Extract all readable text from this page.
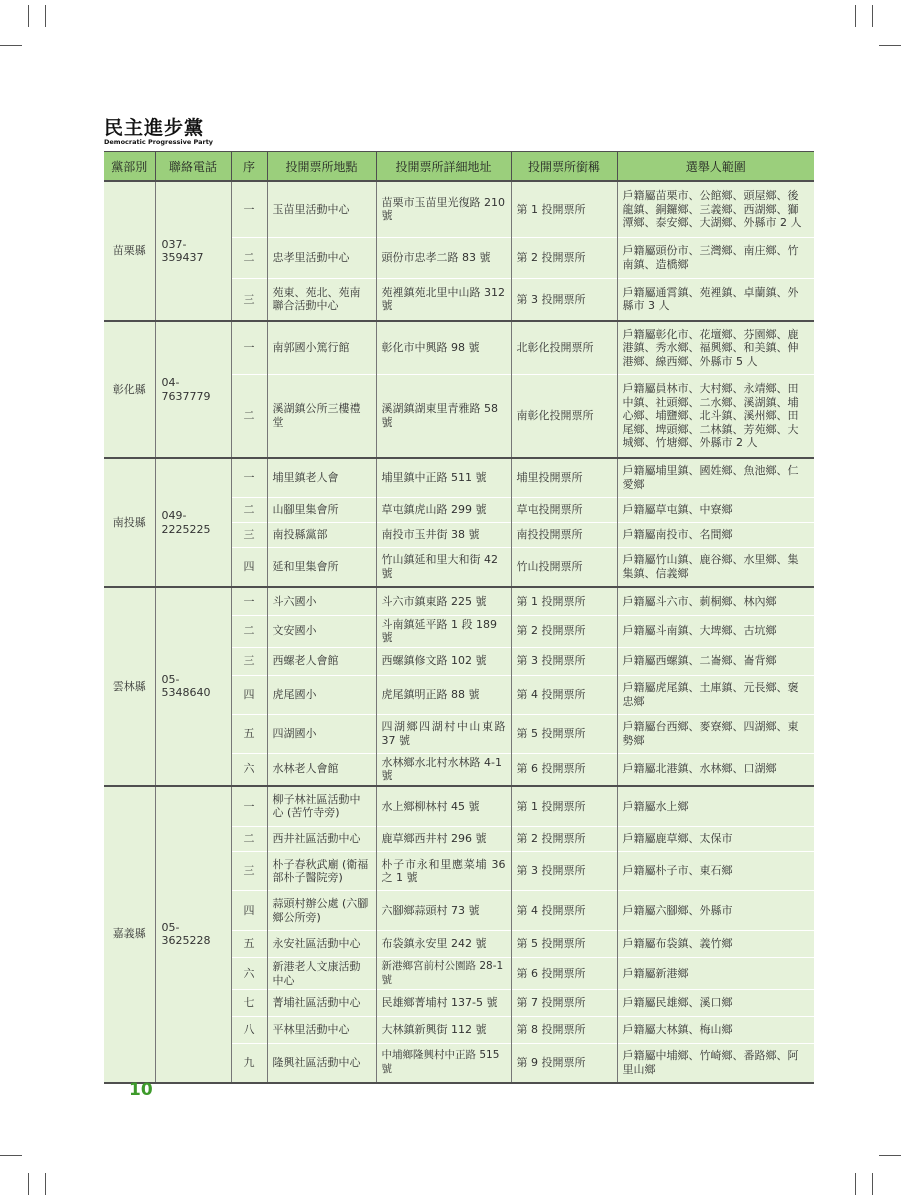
民主進步黨
Democratic Progressive Party
黨部別	聯絡電話	序	投開票所地點	投開票所詳細地址	投開票所銜稱	選舉人範圍
苗栗縣	037-359437	一	玉苗里活動中心	苗栗市玉苗里光復路 210 號	第 1 投開票所	戶籍屬苗栗市、公館鄉、頭屋鄉、後龍鎮、銅鑼鄉、三義鄉、西湖鄉、獅潭鄉、泰安鄉、大湖鄉、外縣市 2 人
		二	忠孝里活動中心	頭份市忠孝二路 83 號	第 2 投開票所	戶籍屬頭份市、三灣鄉、南庄鄉、竹南鎮、造橋鄉
		三	苑東、苑北、苑南聯合活動中心	苑裡鎮苑北里中山路 312 號	第 3 投開票所	戶籍屬通霄鎮、苑裡鎮、卓蘭鎮、外縣市 3 人
彰化縣	04-7637779	一	南郭國小篤行館	彰化市中興路 98 號	北彰化投開票所	戶籍屬彰化市、花壇鄉、芬園鄉、鹿港鎮、秀水鄉、福興鄉、和美鎮、伸港鄉、線西鄉、外縣市 5 人
		二	溪湖鎮公所三樓禮堂	溪湖鎮湖東里青雅路 58 號	南彰化投開票所	戶籍屬員林市、大村鄉、永靖鄉、田中鎮、社頭鄉、二水鄉、溪湖鎮、埔心鄉、埔鹽鄉、北斗鎮、溪州鄉、田尾鄉、埤頭鄉、二林鎮、芳苑鄉、大城鄉、竹塘鄉、外縣市 2 人
南投縣	049-2225225	一	埔里鎮老人會	埔里鎮中正路 511 號	埔里投開票所	戶籍屬埔里鎮、國姓鄉、魚池鄉、仁愛鄉
		二	山腳里集會所	草屯鎮虎山路 299 號	草屯投開票所	戶籍屬草屯鎮、中寮鄉
		三	南投縣黨部	南投市玉井街 38 號	南投投開票所	戶籍屬南投市、名間鄉
		四	延和里集會所	竹山鎮延和里大和街 42 號	竹山投開票所	戶籍屬竹山鎮、鹿谷鄉、水里鄉、集集鎮、信義鄉
雲林縣	05-5348640	一	斗六國小	斗六市鎮東路 225 號	第 1 投開票所	戶籍屬斗六市、莿桐鄉、林內鄉
		二	文安國小	斗南鎮延平路 1 段 189 號	第 2 投開票所	戶籍屬斗南鎮、大埤鄉、古坑鄉
		三	西螺老人會館	西螺鎮修文路 102 號	第 3 投開票所	戶籍屬西螺鎮、二崙鄉、崙背鄉
		四	虎尾國小	虎尾鎮明正路 88 號	第 4 投開票所	戶籍屬虎尾鎮、土庫鎮、元長鄉、褒忠鄉
		五	四湖國小	四湖鄉四湖村中山東路 37 號	第 5 投開票所	戶籍屬台西鄉、麥寮鄉、四湖鄉、東勢鄉
		六	水林老人會館	水林鄉水北村水林路 4-1 號	第 6 投開票所	戶籍屬北港鎮、水林鄉、口湖鄉
嘉義縣	05-3625228	一	柳子林社區活動中心 (苦竹寺旁)	水上鄉柳林村 45 號	第 1 投開票所	戶籍屬水上鄉
		二	西井社區活動中心	鹿草鄉西井村 296 號	第 2 投開票所	戶籍屬鹿草鄉、太保市
		三	朴子春秋武廟 (衛福部朴子醫院旁)	朴子市永和里應菜埔 36 之 1 號	第 3 投開票所	戶籍屬朴子市、東石鄉
		四	蒜頭村辦公處 (六腳鄉公所旁)	六腳鄉蒜頭村 73 號	第 4 投開票所	戶籍屬六腳鄉、外縣市
		五	永安社區活動中心	布袋鎮永安里 242 號	第 5 投開票所	戶籍屬布袋鎮、義竹鄉
		六	新港老人文康活動中心	新港鄉宮前村公園路 28-1 號	第 6 投開票所	戶籍屬新港鄉
		七	菁埔社區活動中心	民雄鄉菁埔村 137-5 號	第 7 投開票所	戶籍屬民雄鄉、溪口鄉
		八	平林里活動中心	大林鎮新興街 112 號	第 8 投開票所	戶籍屬大林鎮、梅山鄉
		九	隆興社區活動中心	中埔鄉隆興村中正路 515 號	第 9 投開票所	戶籍屬中埔鄉、竹崎鄉、番路鄉、阿里山鄉
10
